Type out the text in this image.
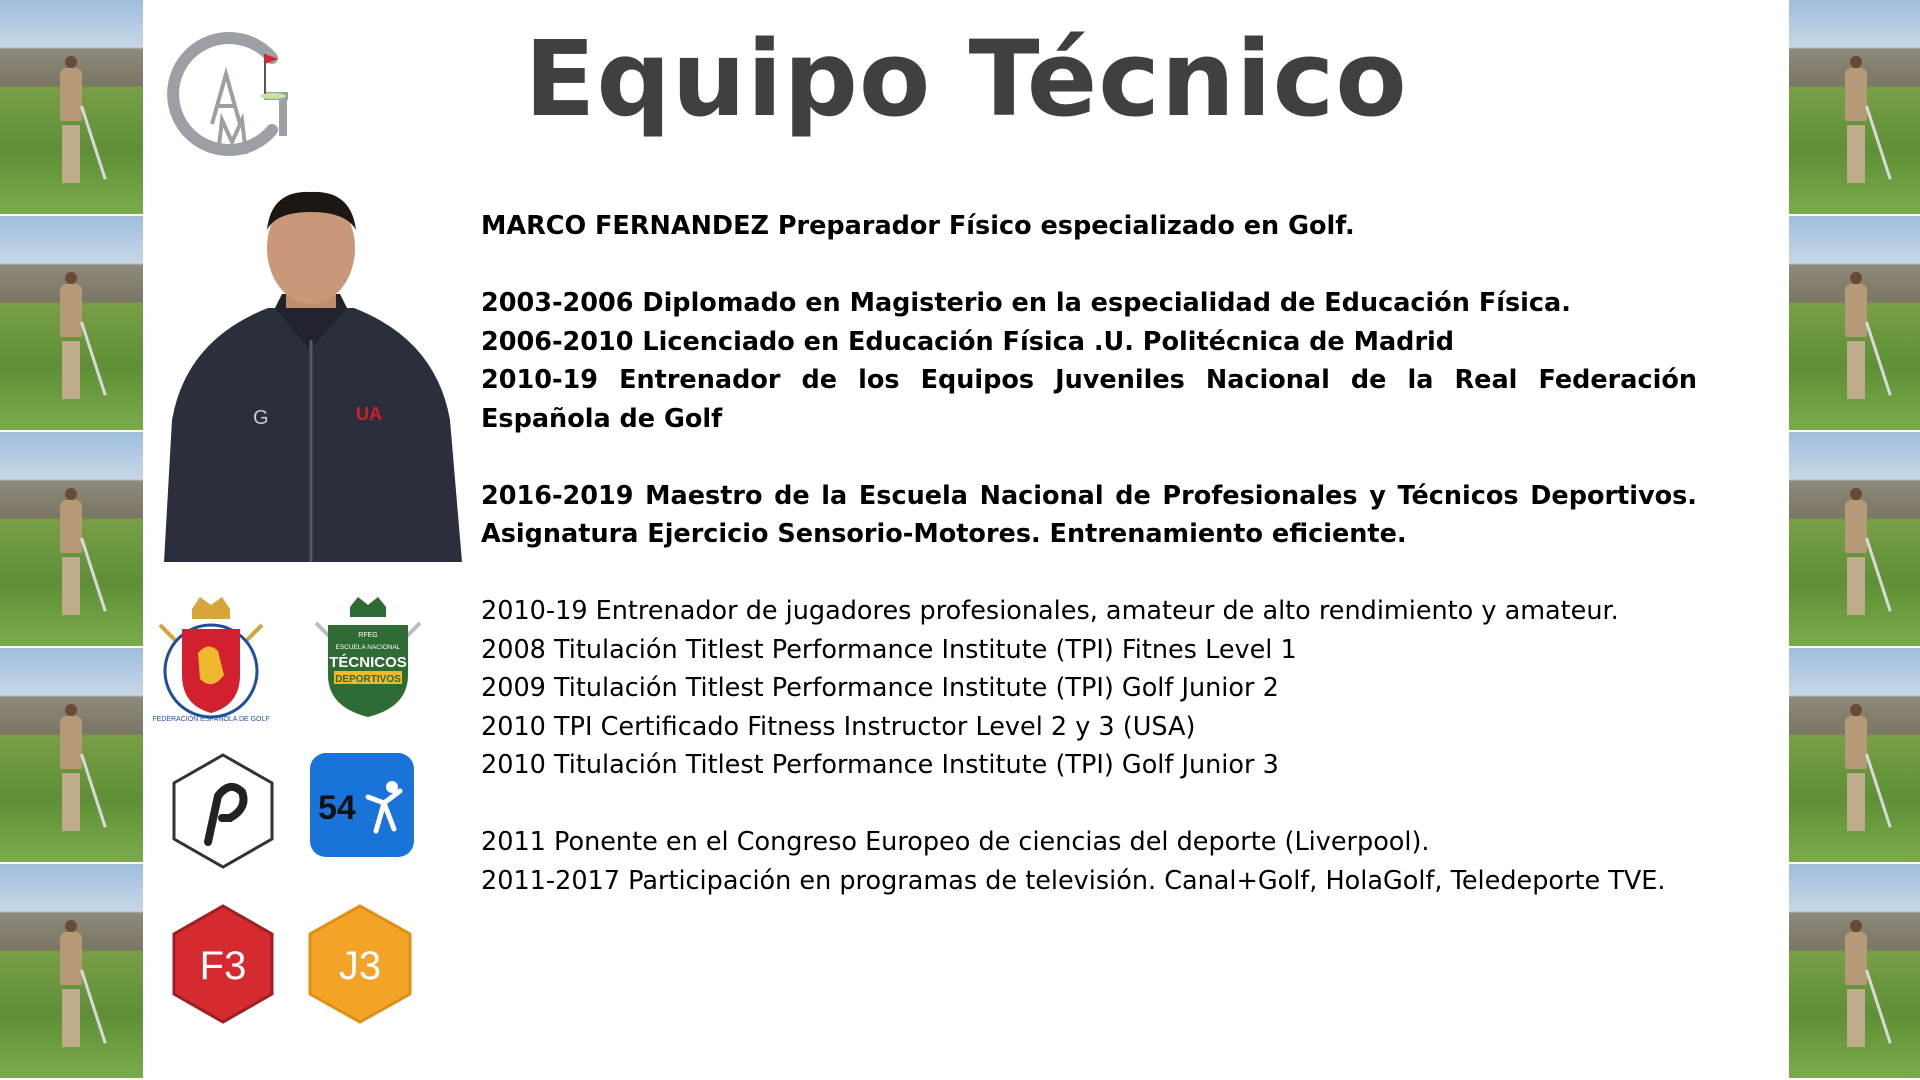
Equipo Técnico
G	UA
FEDERACIÓN ESPAÑOLA DE GOLF
RFEG
ESCUELA NACIONAL
TÉCNICOS
DEPORTIVOS
54
F3 J3

MARCO FERNANDEZ Preparador Físico especializado en Golf.

2003-2006 Diplomado en Magisterio en la especialidad de Educación Física.

2006-2010 Licenciado en Educación Física .U. Politécnica de Madrid

2010-19 Entrenador de los Equipos Juveniles Nacional de la Real Federación Española de Golf

2016-2019 Maestro de la Escuela Nacional de Profesionales y Técnicos Deportivos. Asignatura Ejercicio Sensorio-Motores. Entrenamiento eficiente.

2010-19 Entrenador de jugadores profesionales, amateur de alto rendimiento y amateur.

2008 Titulación Titlest Performance Institute (TPI) Fitnes Level 1

2009 Titulación Titlest Performance Institute (TPI) Golf Junior 2

2010 TPI Certificado Fitness Instructor Level 2 y 3 (USA)

2010 Titulación Titlest Performance Institute (TPI) Golf Junior 3

2011 Ponente en el Congreso Europeo de ciencias del deporte (Liverpool).

2011-2017 Participación en programas de televisión. Canal+Golf, HolaGolf, Teledeporte TVE.
